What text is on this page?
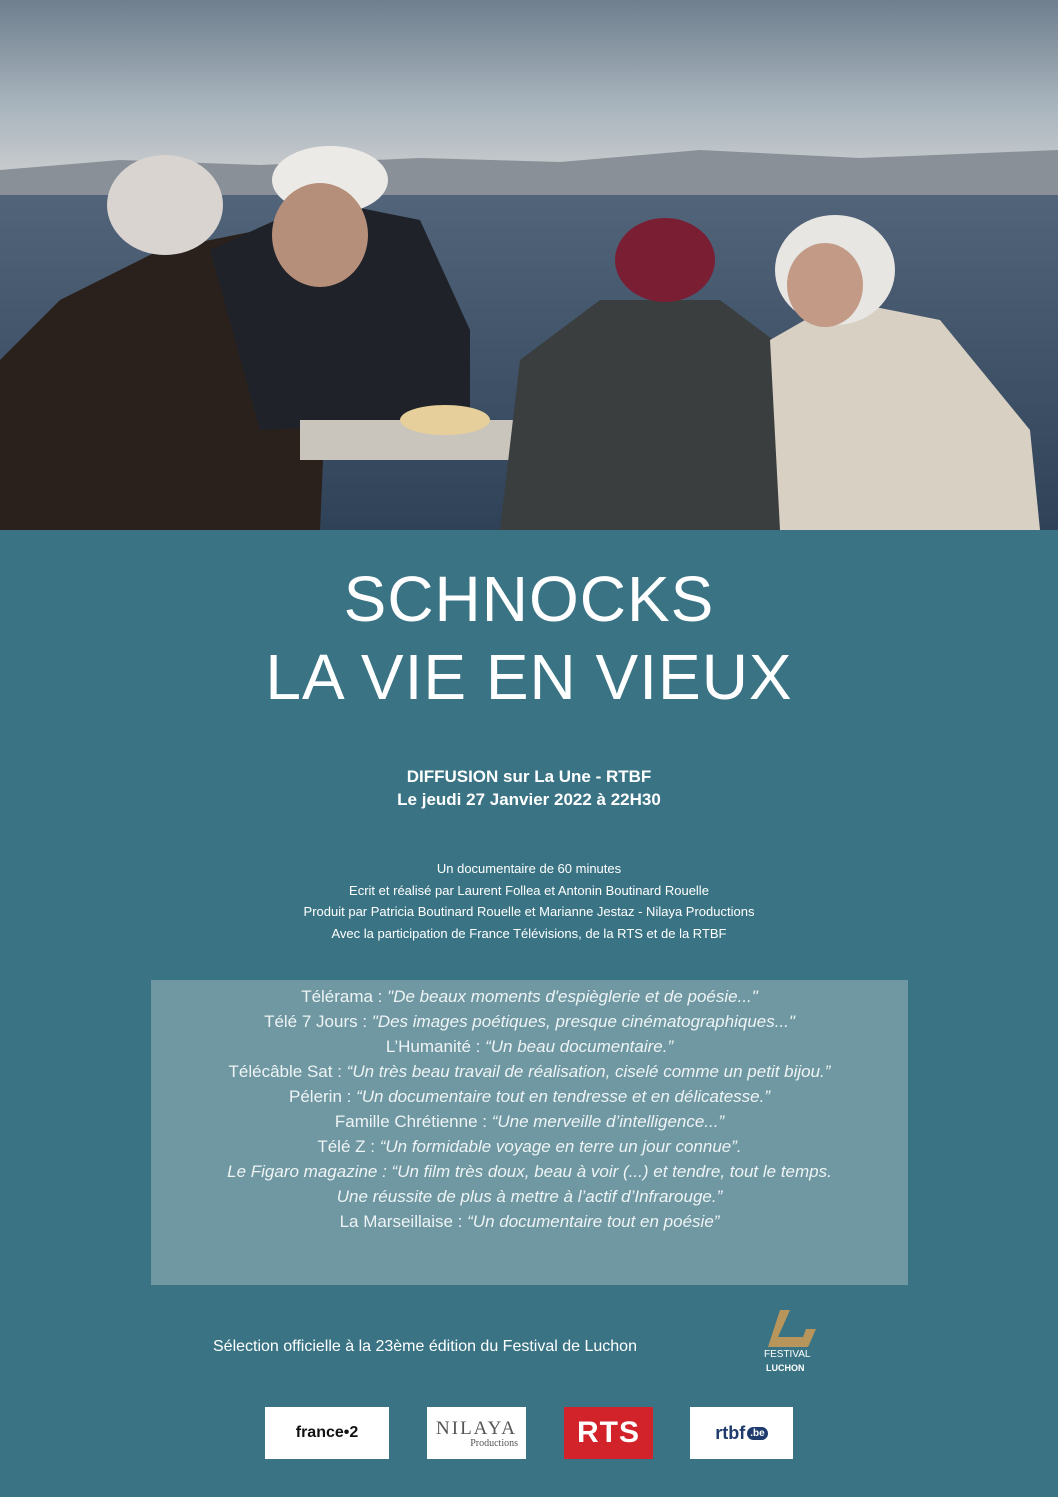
SCHNOCKS
LA VIE EN VIEUX
DIFFUSION sur La Une - RTBF
Le jeudi 27 Janvier 2022 à 22H30
Un documentaire de 60 minutes
Ecrit et réalisé par Laurent Follea et Antonin Boutinard Rouelle
Produit par Patricia Boutinard Rouelle et Marianne Jestaz - Nilaya Productions
Avec la participation de France Télévisions, de la RTS et de la RTBF
Télérama : "De beaux moments d'espièglerie et de poésie..."
Télé 7 Jours : "Des images poétiques, presque cinématographiques..."
L’Humanité : “Un beau documentaire.”
Télécâble Sat : “Un très beau travail de réalisation, ciselé comme un petit bijou.”
Pélerin : “Un documentaire tout en tendresse et en délicatesse.”
Famille Chrétienne : “Une merveille d’intelligence...”
Télé Z : “Un formidable voyage en terre un jour connue”.
Le Figaro magazine : “Un film très doux, beau à voir (...) et tendre, tout le temps.
Une réussite de plus à mettre à l’actif d’Infrarouge.”
La Marseillaise : “Un documentaire tout en poésie”
Sélection officielle à la 23ème édition du Festival de Luchon	FESTIVAL
LUCHON
france•2	NILAYA
Productions RTS	rtbf .be
